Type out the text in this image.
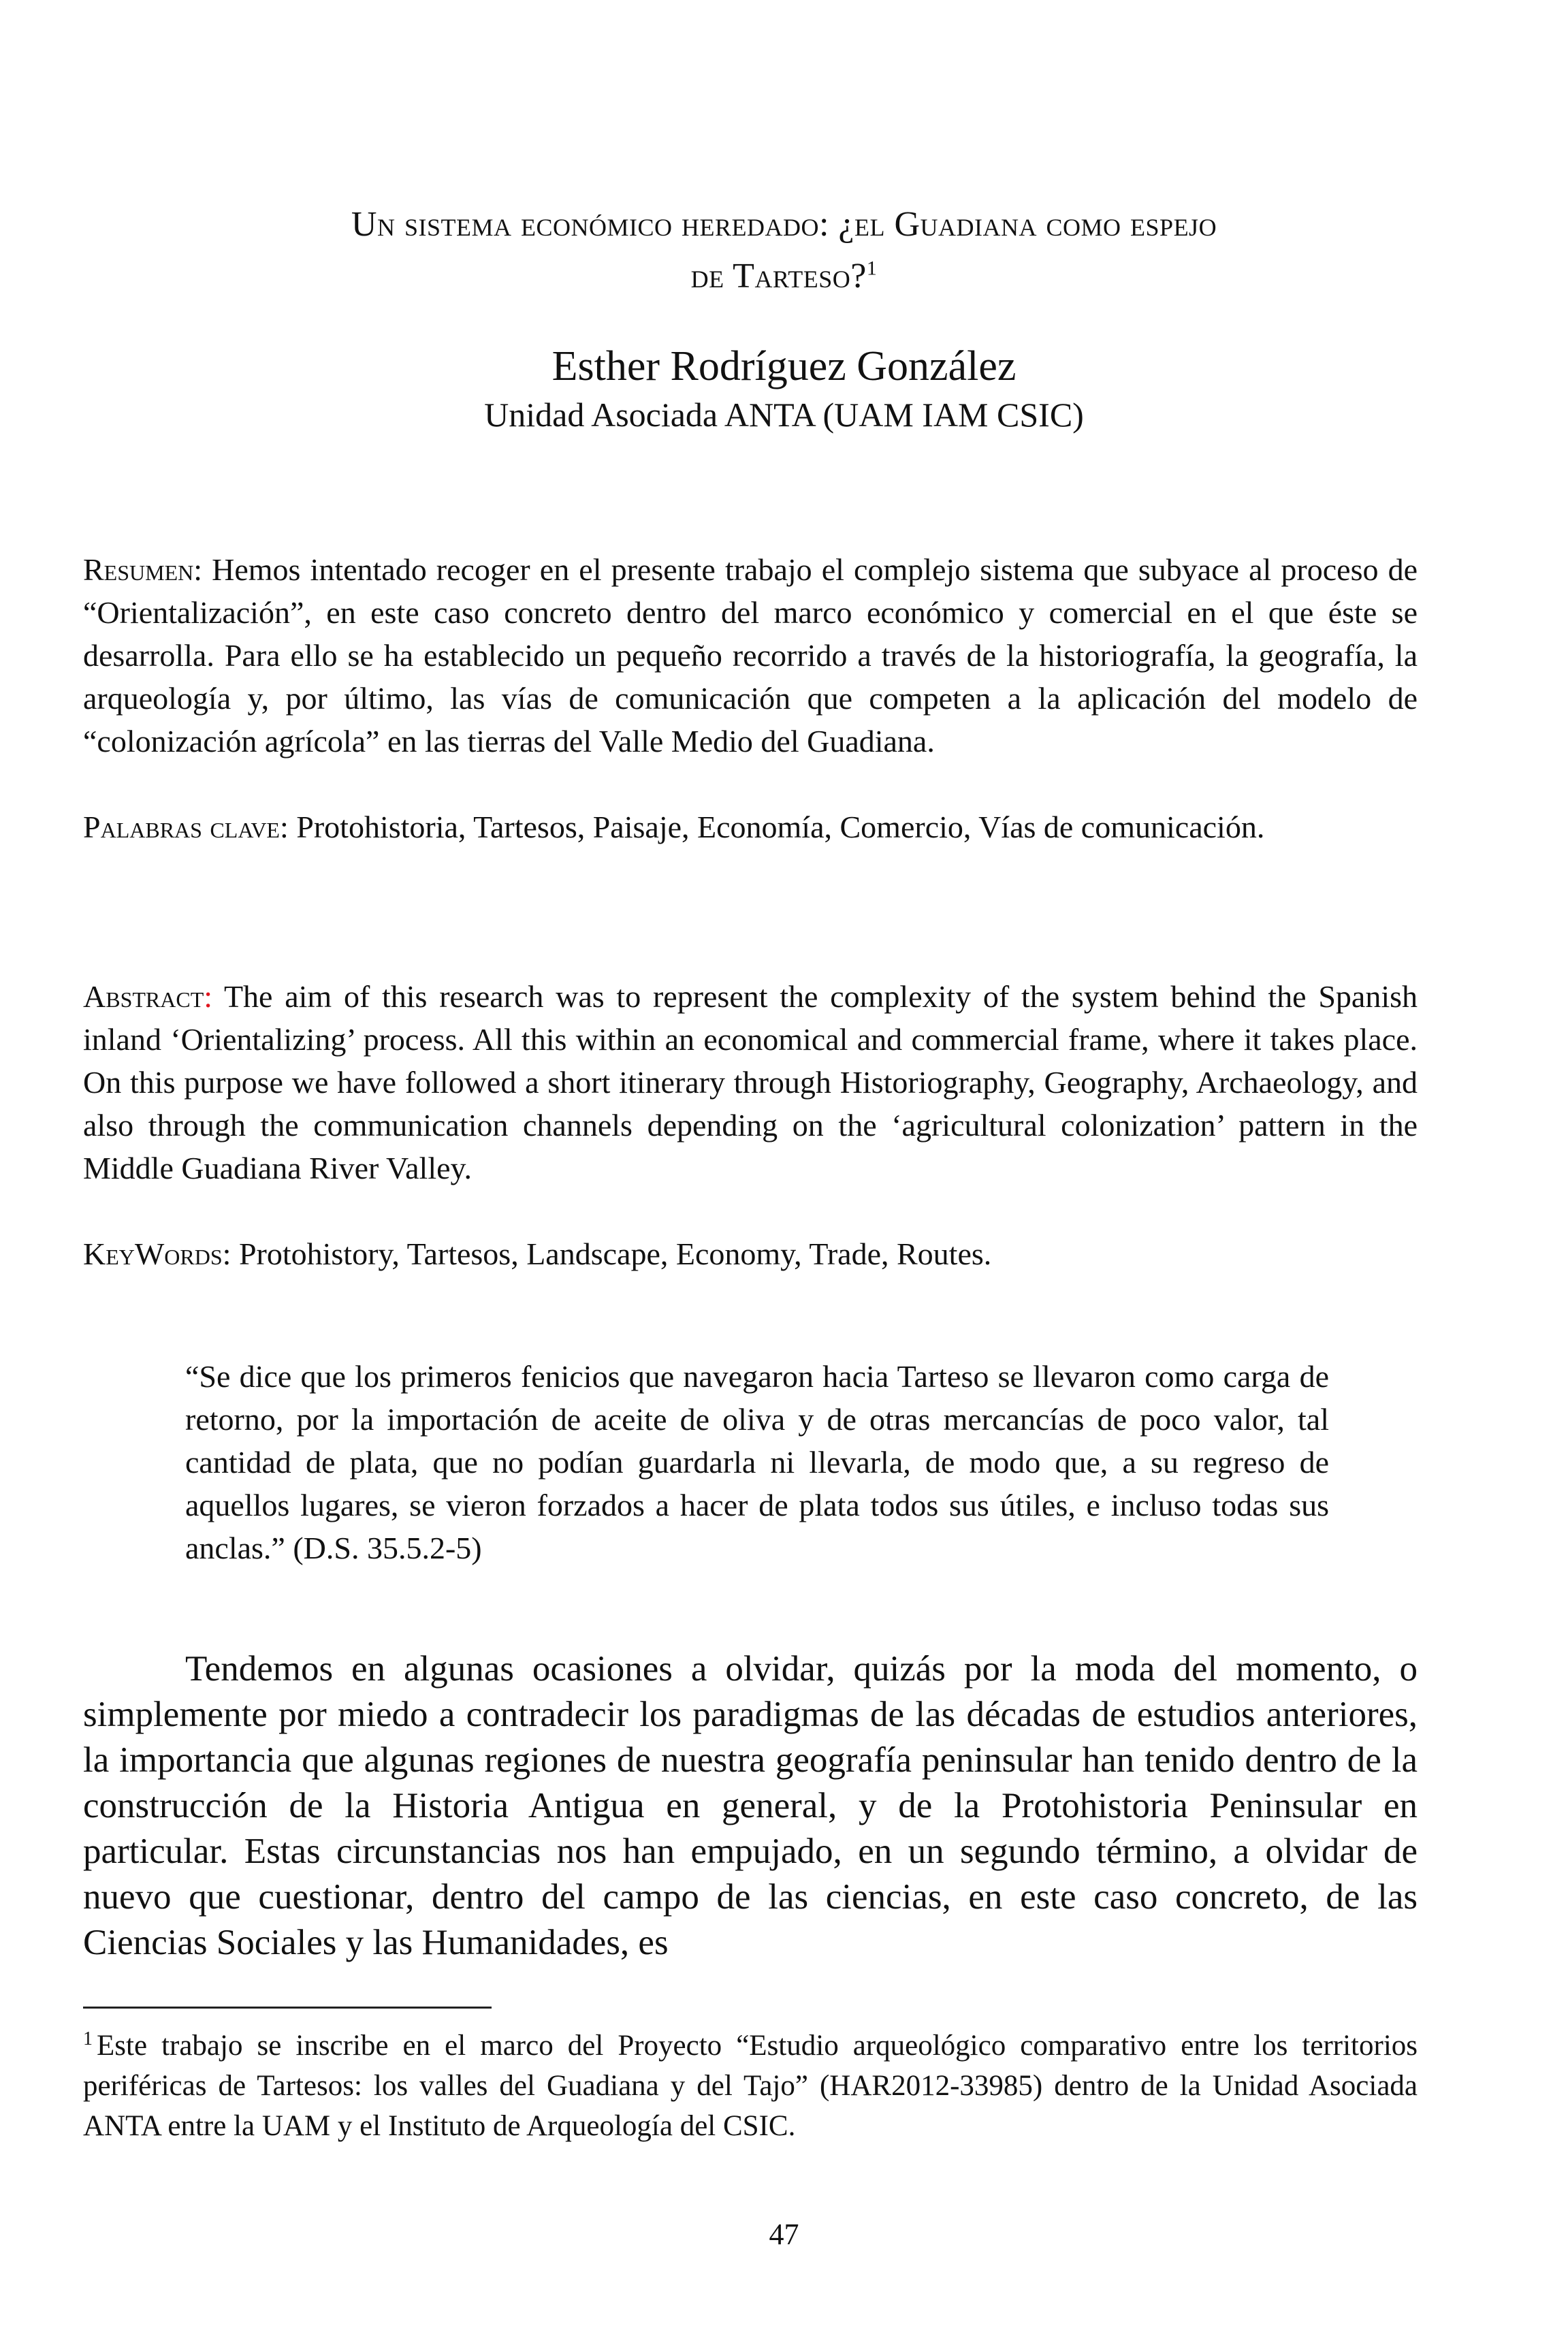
Un sistema económico heredado: ¿el Guadiana como espejo
de Tarteso?$^1$
Esther Rodríguez González
Unidad Asociada ANTA (UAM IAM CSIC)
Resumen: Hemos intentado recoger en el presente trabajo el complejo sistema que subyace al proceso de “Orientalización”, en este caso concreto dentro del marco económico y comercial en el que éste se desarrolla. Para ello se ha establecido un pequeño recorrido a través de la historiografía, la geografía, la arqueología y, por último, las vías de comunicación que competen a la aplicación del modelo de “colonización agrícola” en las tierras del Valle Medio del Guadiana.
Palabras clave: Protohistoria, Tartesos, Paisaje, Economía, Comercio, Vías de comunicación.
Abstract: The aim of this research was to represent the complexity of the system behind the Spanish inland ‘Orientalizing’ process. All this within an economical and commercial frame, where it takes place. On this purpose we have followed a short itinerary through Historiography, Geography, Archaeology, and also through the communication channels depending on the ‘agricultural colonization’ pattern in the Middle Guadiana River Valley.
KeyWords: Protohistory, Tartesos, Landscape, Economy, Trade, Routes.
“Se dice que los primeros fenicios que navegaron hacia Tarteso se llevaron como carga de retorno, por la importación de aceite de oliva y de otras mercancías de poco valor, tal cantidad de plata, que no podían guardarla ni llevarla, de modo que, a su regreso de aquellos lugares, se vieron forzados a hacer de plata todos sus útiles, e incluso todas sus anclas.” (D.S. 35.5.2-5)
Tendemos en algunas ocasiones a olvidar, quizás por la moda del momento, o simplemente por miedo a contradecir los paradigmas de las décadas de estudios anteriores, la importancia que algunas regiones de nuestra geografía peninsular han tenido dentro de la construcción de la Historia Antigua en general, y de la Protohistoria Peninsular en particular. Estas circunstancias nos han empujado, en un segundo término, a olvidar de nuevo que cuestionar, dentro del campo de las ciencias, en este caso concreto, de las Ciencias Sociales y las Humanidades, es
$^1$ Este trabajo se inscribe en el marco del Proyecto “Estudio arqueológico comparativo entre los territorios periféricas de Tartesos: los valles del Guadiana y del Tajo” (HAR2012-33985) dentro de la Unidad Asociada ANTA entre la UAM y el Instituto de Arqueología del CSIC.
47
